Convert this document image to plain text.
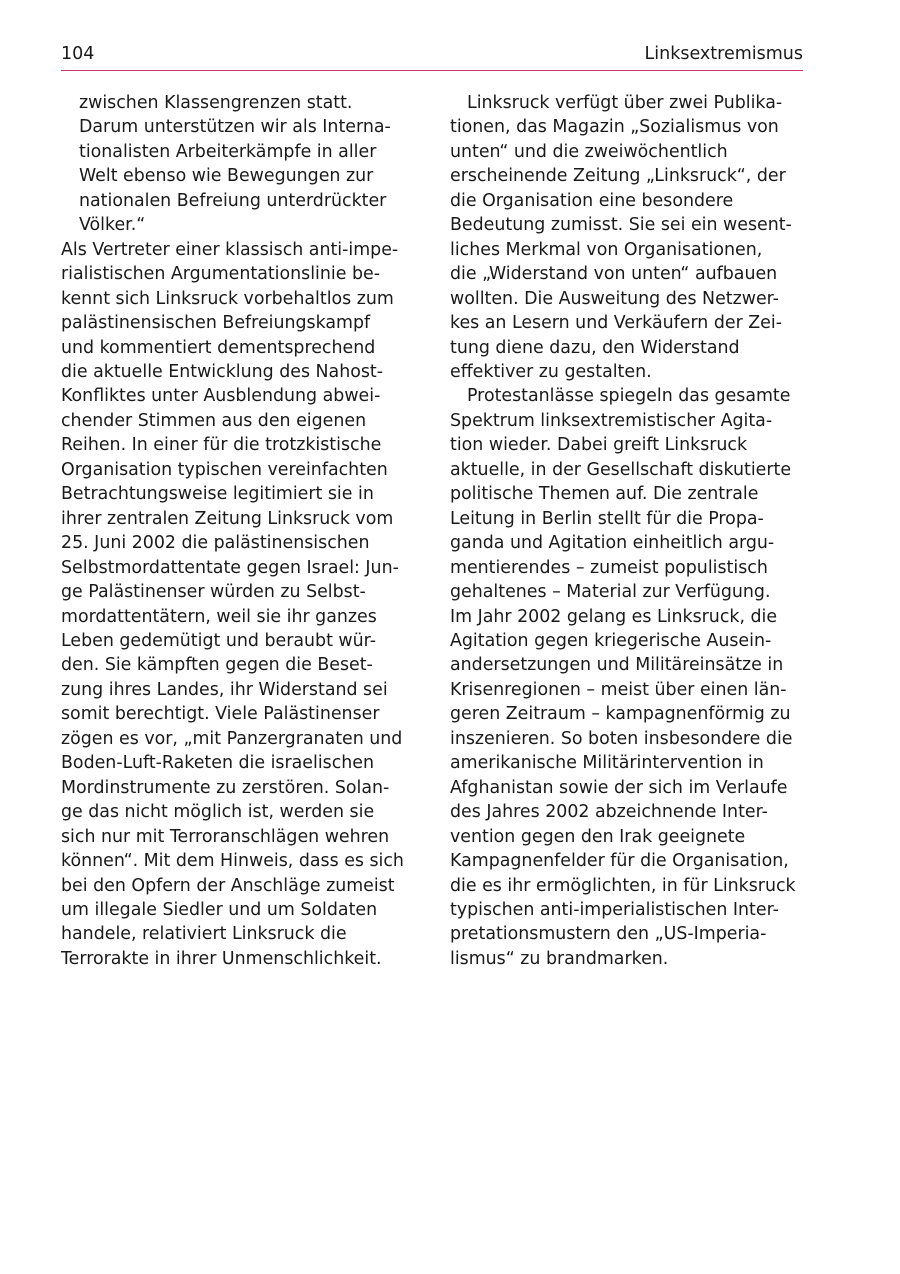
104	Linksextremismus
zwischen Klassengrenzen statt.
Darum unterstützen wir als Interna-
tionalisten Arbeiterkämpfe in aller
Welt ebenso wie Bewegungen zur
nationalen Befreiung unterdrückter
Völker.“
Als Vertreter einer klassisch anti-impe-
rialistischen Argumentationslinie be-
kennt sich Linksruck vorbehaltlos zum
palästinensischen Befreiungskampf
und kommentiert dementsprechend
die aktuelle Entwicklung des Nahost-
Konfliktes unter Ausblendung abwei-
chender Stimmen aus den eigenen
Reihen. In einer für die trotzkistische
Organisation typischen vereinfachten
Betrachtungsweise legitimiert sie in
ihrer zentralen Zeitung Linksruck vom
25. Juni 2002 die palästinensischen
Selbstmordattentate gegen Israel: Jun-
ge Palästinenser würden zu Selbst-
mordattentätern, weil sie ihr ganzes
Leben gedemütigt und beraubt wür-
den. Sie kämpften gegen die Beset-
zung ihres Landes, ihr Widerstand sei
somit berechtigt. Viele Palästinenser
zögen es vor, „mit Panzergranaten und
Boden-Luft-Raketen die israelischen
Mordinstrumente zu zerstören. Solan-
ge das nicht möglich ist, werden sie
sich nur mit Terroranschlägen wehren
können“. Mit dem Hinweis, dass es sich
bei den Opfern der Anschläge zumeist
um illegale Siedler und um Soldaten
handele, relativiert Linksruck die
Terrorakte in ihrer Unmenschlichkeit.
Linksruck verfügt über zwei Publika-
tionen, das Magazin „Sozialismus von
unten“ und die zweiwöchentlich
erscheinende Zeitung „Linksruck“, der
die Organisation eine besondere
Bedeutung zumisst. Sie sei ein wesent-
liches Merkmal von Organisationen,
die „Widerstand von unten“ aufbauen
wollten. Die Ausweitung des Netzwer-
kes an Lesern und Verkäufern der Zei-
tung diene dazu, den Widerstand
effektiver zu gestalten.
Protestanlässe spiegeln das gesamte
Spektrum linksextremistischer Agita-
tion wieder. Dabei greift Linksruck
aktuelle, in der Gesellschaft diskutierte
politische Themen auf. Die zentrale
Leitung in Berlin stellt für die Propa-
ganda und Agitation einheitlich argu-
mentierendes – zumeist populistisch
gehaltenes – Material zur Verfügung.
Im Jahr 2002 gelang es Linksruck, die
Agitation gegen kriegerische Ausein-
andersetzungen und Militäreinsätze in
Krisenregionen – meist über einen län-
geren Zeitraum – kampagnenförmig zu
inszenieren. So boten insbesondere die
amerikanische Militärintervention in
Afghanistan sowie der sich im Verlaufe
des Jahres 2002 abzeichnende Inter-
vention gegen den Irak geeignete
Kampagnenfelder für die Organisation,
die es ihr ermöglichten, in für Linksruck
typischen anti-imperialistischen Inter-
pretationsmustern den „US-Imperia-
lismus“ zu brandmarken.
